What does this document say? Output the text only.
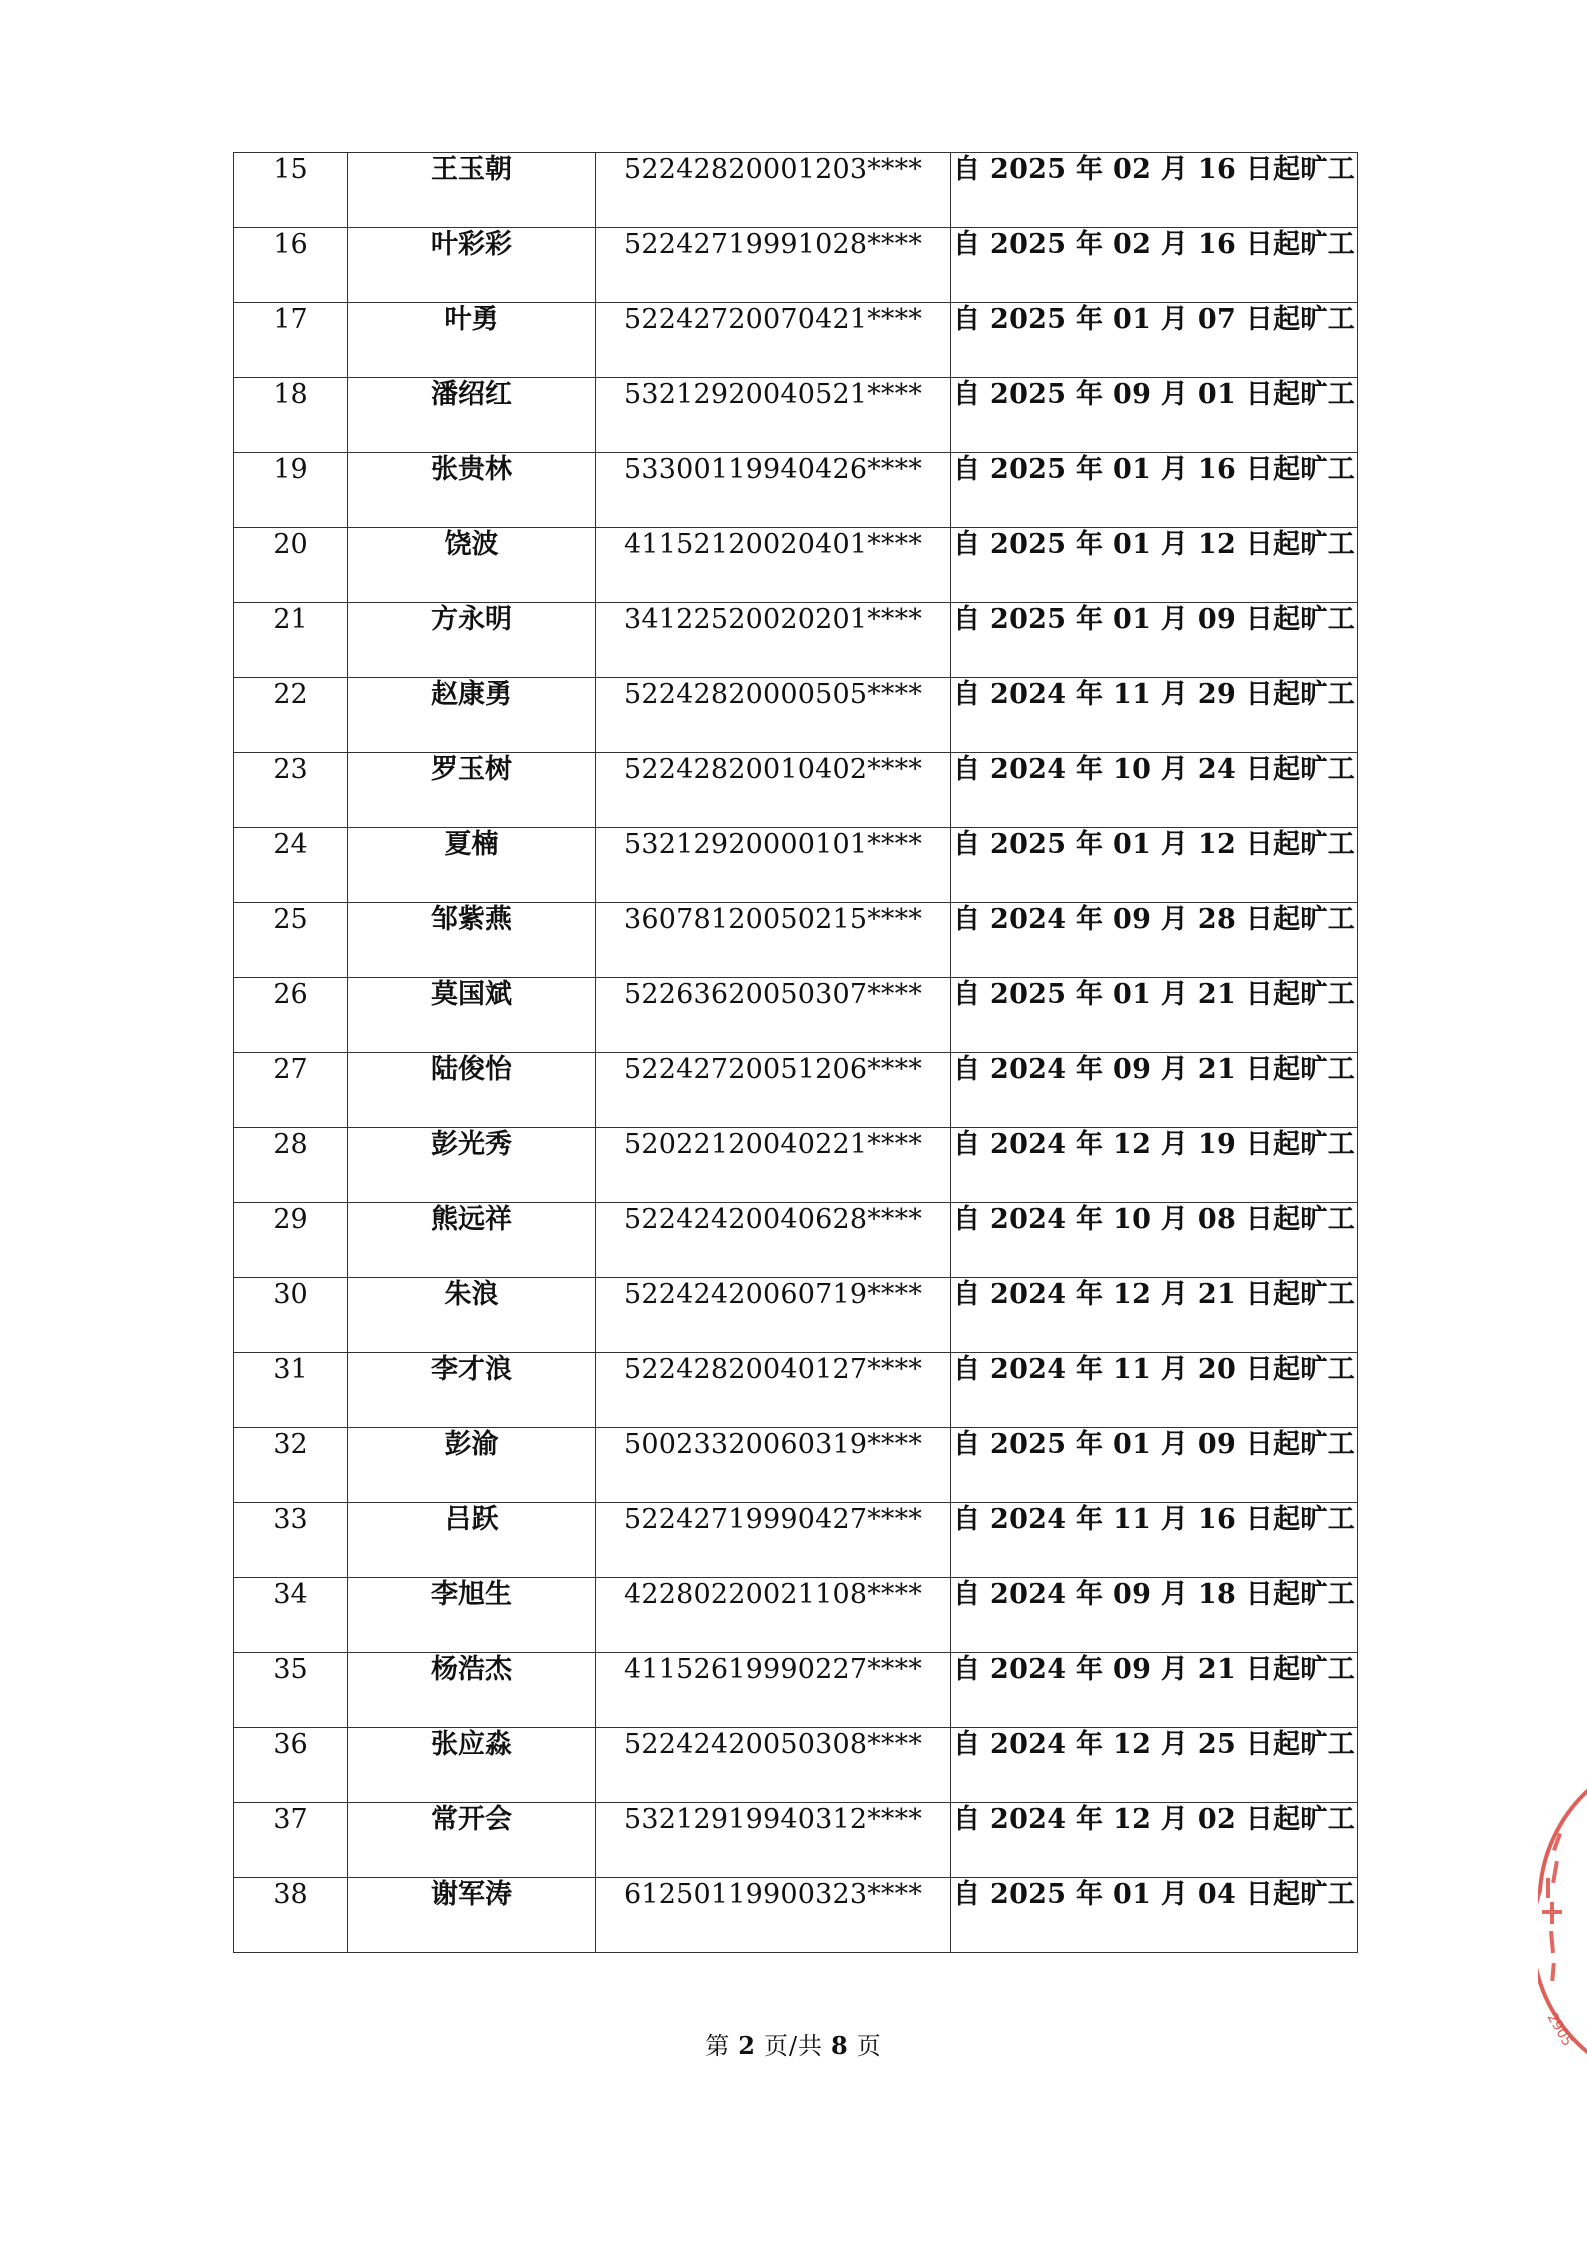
15	王玉朝	52242820001203****	自 2025 年 02 月 16 日起旷工

16	叶彩彩	52242719991028****	自 2025 年 02 月 16 日起旷工

17	叶勇	52242720070421****	自 2025 年 01 月 07 日起旷工

18	潘绍红	53212920040521****	自 2025 年 09 月 01 日起旷工

19	张贵林	53300119940426****	自 2025 年 01 月 16 日起旷工

20	饶波	41152120020401****	自 2025 年 01 月 12 日起旷工

21	方永明	34122520020201****	自 2025 年 01 月 09 日起旷工

22	赵康勇	52242820000505****	自 2024 年 11 月 29 日起旷工

23	罗玉树	52242820010402****	自 2024 年 10 月 24 日起旷工

24	夏楠	53212920000101****	自 2025 年 01 月 12 日起旷工

25	邹紫燕	36078120050215****	自 2024 年 09 月 28 日起旷工

26	莫国斌	52263620050307****	自 2025 年 01 月 21 日起旷工

27	陆俊怡	52242720051206****	自 2024 年 09 月 21 日起旷工

28	彭光秀	52022120040221****	自 2024 年 12 月 19 日起旷工

29	熊远祥	52242420040628****	自 2024 年 10 月 08 日起旷工

30	朱浪	52242420060719****	自 2024 年 12 月 21 日起旷工

31	李才浪	52242820040127****	自 2024 年 11 月 20 日起旷工

32	彭渝	50023320060319****	自 2025 年 01 月 09 日起旷工

33	吕跃	52242719990427****	自 2024 年 11 月 16 日起旷工

34	李旭生	42280220021108****	自 2024 年 09 月 18 日起旷工

35	杨浩杰	41152619990227****	自 2024 年 09 月 21 日起旷工

36	张应淼	52242420050308****	自 2024 年 12 月 25 日起旷工

37	常开会	53212919940312****	自 2024 年 12 月 02 日起旷工

38	谢军涛	61250119900323****	自 2025 年 01 月 04 日起旷工
第 2 页/共 8 页	2905
